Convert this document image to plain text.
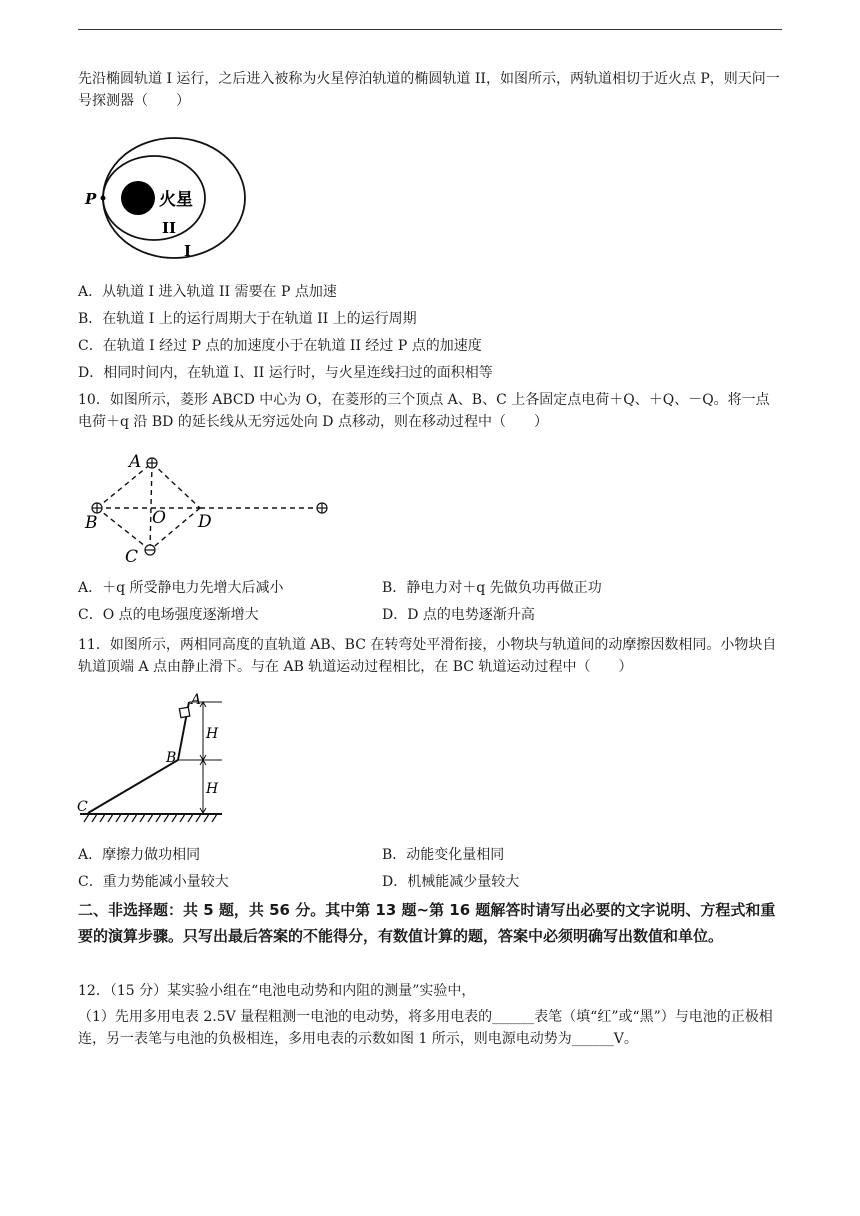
先沿椭圆轨道 I 运行，之后进入被称为火星停泊轨道的椭圆轨道 II，如图所示，两轨道相切于近火点 P，则天问一号探测器（　　）

P	火星
II
I
A．从轨道 I 进入轨道 II 需要在 P 点加速
B．在轨道 I 上的运行周期大于在轨道 II 上的运行周期
C．在轨道 I 经过 P 点的加速度小于在轨道 II 经过 P 点的加速度
D．相同时间内，在轨道 I、II 运行时，与火星连线扫过的面积相等

10．如图所示，菱形 ABCD 中心为 O，在菱形的三个顶点 A、B、C 上各固定点电荷＋Q、＋Q、－Q。将一点电荷＋q 沿 BD 的延长线从无穷远处向 D 点移动，则在移动过程中（　　）

A
B
C
O D
A．＋q 所受静电力先增大后减小	B．静电力对＋q 先做负功再做正功
C．O 点的电场强度逐渐增大	D．D 点的电势逐渐升高

11．如图所示，两相同高度的直轨道 AB、BC 在转弯处平滑衔接，小物块与轨道间的动摩擦因数相同。小物块自轨道顶端 A 点由静止滑下。与在 AB 轨道运动过程相比，在 BC 轨道运动过程中（　　）

A
B
C
H
H
A．摩擦力做功相同	B．动能变化量相同
C．重力势能减小量较大	D．机械能减少量较大

二、非选择题：共 5 题，共 56 分。其中第 13 题~第 16 题解答时请写出必要的文字说明、方程式和重要的演算步骤。只写出最后答案的不能得分，有数值计算的题，答案中必须明确写出数值和单位。

12．（15 分）某实验小组在“电池电动势和内阻的测量”实验中，

（1）先用多用电表 2.5V 量程粗测一电池的电动势，将多用电表的______表笔（填“红”或“黑”）与电池的正极相连，另一表笔与电池的负极相连，多用电表的示数如图 1 所示，则电源电动势为______V。
